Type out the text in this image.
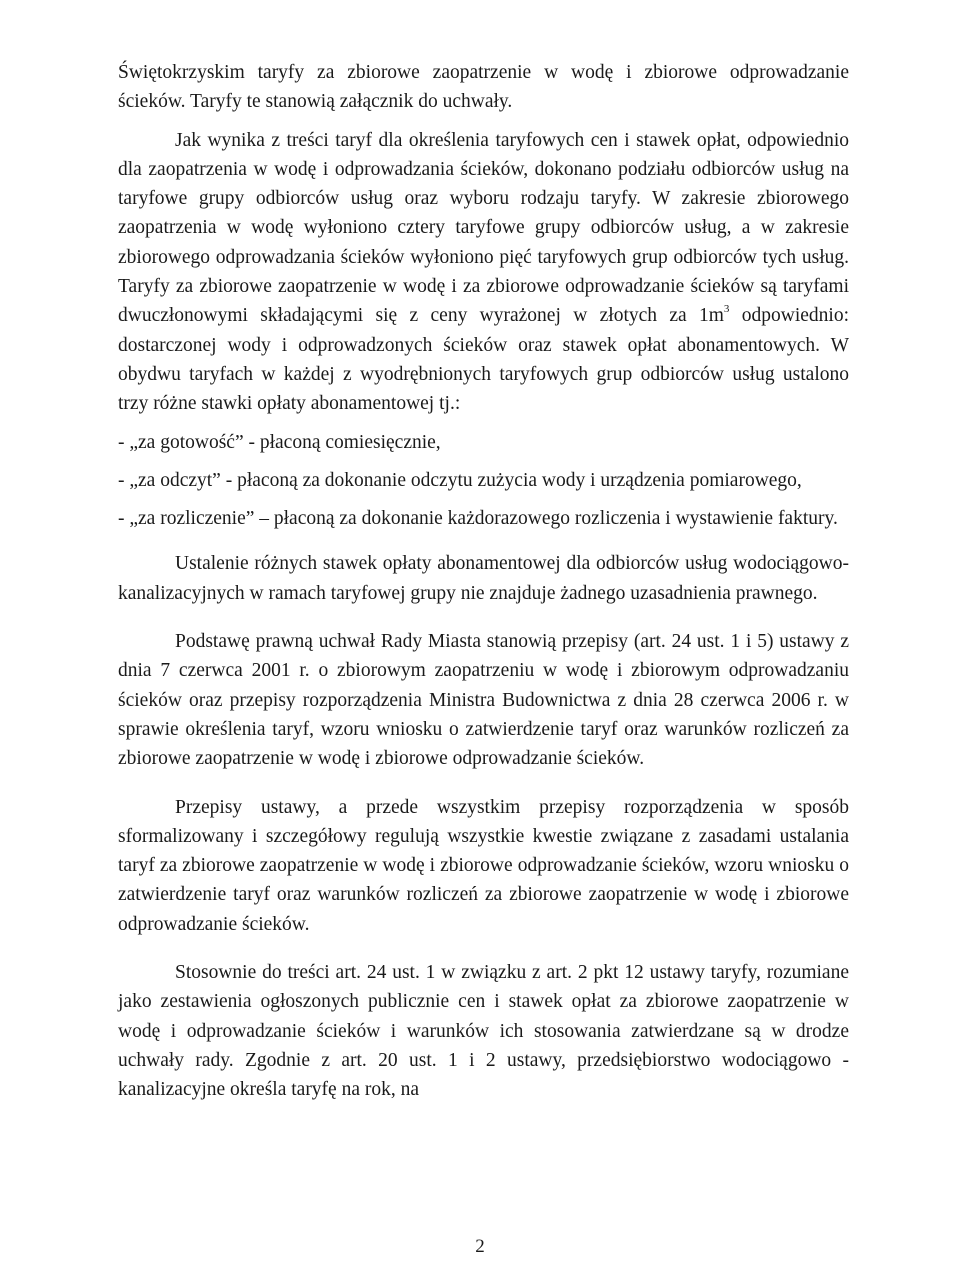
Świętokrzyskim taryfy za zbiorowe zaopatrzenie w wodę i zbiorowe odprowadzanie ścieków. Taryfy te stanowią załącznik do uchwały.

Jak wynika z treści taryf dla określenia taryfowych cen i stawek opłat, odpowiednio dla zaopatrzenia w wodę i odprowadzania ścieków, dokonano podziału odbiorców usług na taryfowe grupy odbiorców usług oraz wyboru rodzaju taryfy. W zakresie zbiorowego zaopatrzenia w wodę wyłoniono cztery taryfowe grupy odbiorców usług, a w zakresie zbiorowego odprowadzania ścieków wyłoniono pięć taryfowych grup odbiorców tych usług. Taryfy za zbiorowe zaopatrzenie w wodę i za zbiorowe odprowadzanie ścieków są taryfami dwuczłonowymi składającymi się z ceny wyrażonej w złotych za $1m^3$ odpowiednio: dostarczonej wody i odprowadzonych ścieków oraz stawek opłat abonamentowych. W obydwu taryfach w każdej z wyodrębnionych taryfowych grup odbiorców usług ustalono trzy różne stawki opłaty abonamentowej tj.:

- „za gotowość” - płaconą comiesięcznie,

- „za odczyt” - płaconą za dokonanie odczytu zużycia wody i urządzenia pomiarowego,

- „za rozliczenie” – płaconą za dokonanie każdorazowego rozliczenia i wystawienie faktury.

Ustalenie różnych stawek opłaty abonamentowej dla odbiorców usług wodociągowo-kanalizacyjnych w ramach taryfowej grupy nie znajduje żadnego uzasadnienia prawnego.

Podstawę prawną uchwał Rady Miasta stanowią przepisy (art. 24 ust. 1 i 5) ustawy z dnia 7 czerwca 2001 r. o zbiorowym zaopatrzeniu w wodę i zbiorowym odprowadzaniu ścieków oraz przepisy rozporządzenia Ministra Budownictwa z dnia 28 czerwca 2006 r. w sprawie określenia taryf, wzoru wniosku o zatwierdzenie taryf oraz warunków rozliczeń za zbiorowe zaopatrzenie w wodę i zbiorowe odprowadzanie ścieków.

Przepisy ustawy, a przede wszystkim przepisy rozporządzenia w sposób sformalizowany i szczegółowy regulują wszystkie kwestie związane z zasadami ustalania taryf za zbiorowe zaopatrzenie w wodę i zbiorowe odprowadzanie ścieków, wzoru wniosku o zatwierdzenie taryf oraz warunków rozliczeń za zbiorowe zaopatrzenie w wodę i zbiorowe odprowadzanie ścieków.

Stosownie do treści art. 24 ust. 1 w związku z art. 2 pkt 12 ustawy taryfy, rozumiane jako zestawienia ogłoszonych publicznie cen i stawek opłat za zbiorowe zaopatrzenie w wodę i odprowadzanie ścieków i warunków ich stosowania zatwierdzane są w drodze uchwały rady. Zgodnie z art. 20 ust. 1 i 2 ustawy, przedsiębiorstwo wodociągowo - kanalizacyjne określa taryfę na rok, na

2
